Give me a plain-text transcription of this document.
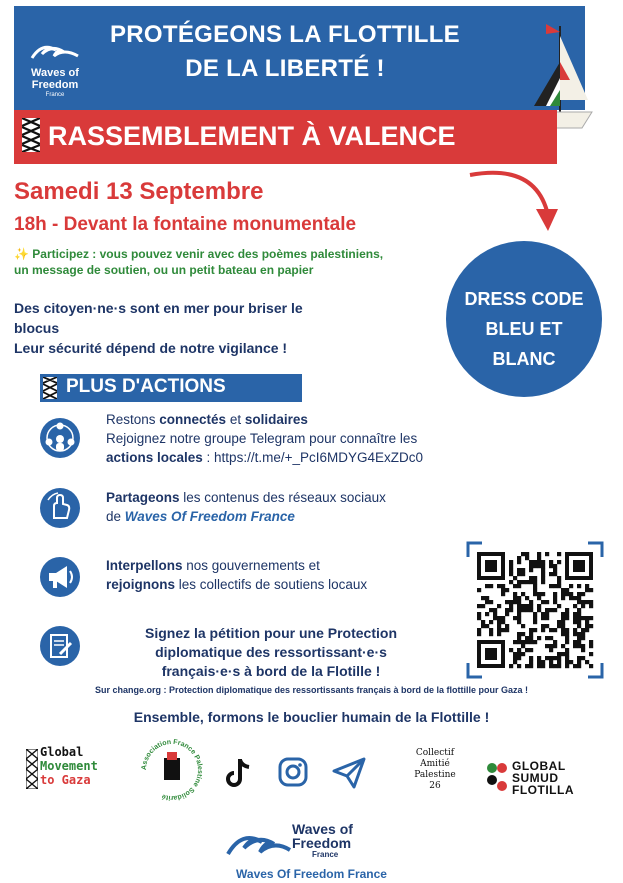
Waves of
Freedom
France
PROTÉGEONS LA FLOTTILLE
DE LA LIBERTÉ !
RASSEMBLEMENT À VALENCE
Samedi 13 Septembre
18h - Devant la fontaine monumentale
✨ Participez : vous pouvez venir avec des poèmes palestiniens,
un message de soutien, ou un petit bateau en papier
Des citoyen·ne·s sont en mer pour briser le
blocus
Leur sécurité dépend de notre vigilance !
DRESS CODE
BLEU ET
BLANC
PLUS D'ACTIONS
Restons connectés et solidaires
Rejoignez notre groupe Telegram pour connaître les
actions locales : https://t.me/+_PcI6MDYG4ExZDc0
Partageons les contenus des réseaux sociaux
de Waves Of Freedom France
Interpellons nos gouvernements et
rejoignons les collectifs de soutiens locaux
Signez la pétition pour une Protection
diplomatique des ressortissant·e·s
français·e·s à bord de la Flotille !
Sur change.org : Protection diplomatique des ressortissants français à bord de la flottille pour Gaza !
Ensemble, formons le bouclier humain de la Flottille !
Global
Movement
to Gaza
Association France Palestine Solidarité
Collectif
Amitié
Palestine
26
GLOBAL
SUMUD
FLOTILLA
Waves of
Freedom
France
Waves Of Freedom France
